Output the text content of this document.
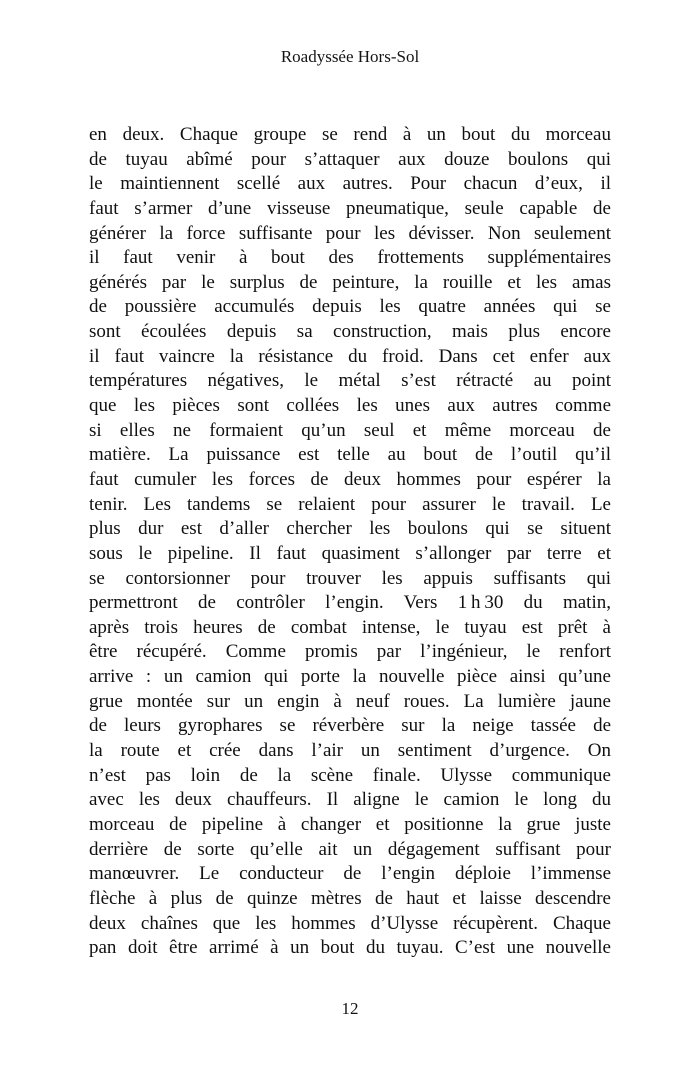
Roadyssée Hors-Sol
en deux. Chaque groupe se rend à un bout du morceau
de tuyau abîmé pour s’attaquer aux douze boulons qui
le maintiennent scellé aux autres. Pour chacun d’eux, il
faut s’armer d’une visseuse pneumatique, seule capable de
générer la force suffisante pour les dévisser. Non seulement
il faut venir à bout des frottements supplémentaires
générés par le surplus de peinture, la rouille et les amas
de poussière accumulés depuis les quatre années qui se
sont écoulées depuis sa construction, mais plus encore
il faut vaincre la résistance du froid. Dans cet enfer aux
températures négatives, le métal s’est rétracté au point
que les pièces sont collées les unes aux autres comme
si elles ne formaient qu’un seul et même morceau de
matière. La puissance est telle au bout de l’outil qu’il
faut cumuler les forces de deux hommes pour espérer la
tenir. Les tandems se relaient pour assurer le travail. Le
plus dur est d’aller chercher les boulons qui se situent
sous le pipeline. Il faut quasiment s’allonger par terre et
se contorsionner pour trouver les appuis suffisants qui
permettront de contrôler l’engin. Vers 1 h 30 du matin,
après trois heures de combat intense, le tuyau est prêt à
être récupéré. Comme promis par l’ingénieur, le renfort
arrive : un camion qui porte la nouvelle pièce ainsi qu’une
grue montée sur un engin à neuf roues. La lumière jaune
de leurs gyrophares se réverbère sur la neige tassée de
la route et crée dans l’air un sentiment d’urgence. On
n’est pas loin de la scène finale. Ulysse communique
avec les deux chauffeurs. Il aligne le camion le long du
morceau de pipeline à changer et positionne la grue juste
derrière de sorte qu’elle ait un dégagement suffisant pour
manœuvrer. Le conducteur de l’engin déploie l’immense
flèche à plus de quinze mètres de haut et laisse descendre
deux chaînes que les hommes d’Ulysse récupèrent. Chaque
pan doit être arrimé à un bout du tuyau. C’est une nouvelle
12
